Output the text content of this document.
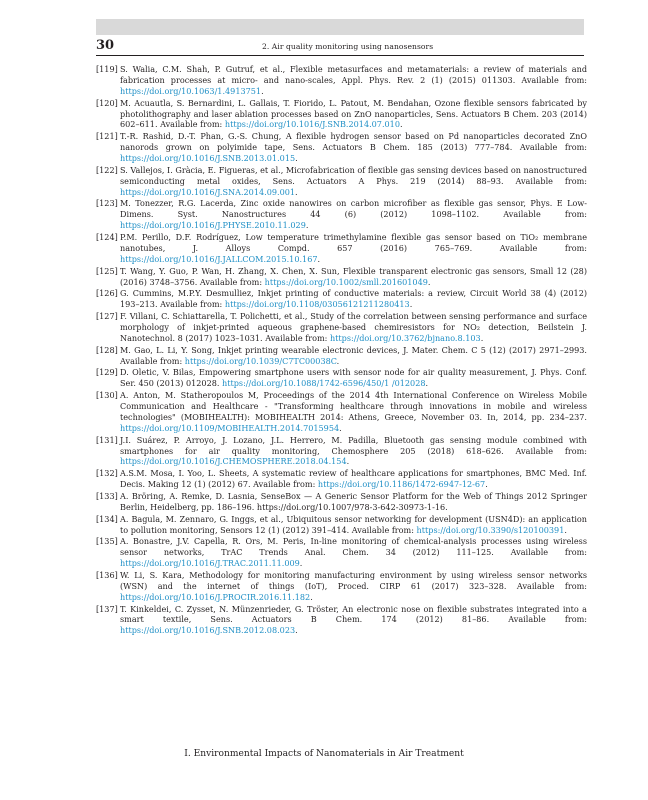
30	2. Air quality monitoring using nanosensors
[119] S. Walia, C.M. Shah, P. Gutruf, et al., Flexible metasurfaces and metamaterials: a review of materials and fabrication processes at micro- and nano-scales, Appl. Phys. Rev. 2 (1) (2015) 011303. Available from: https://doi.org/10.1063/1.4913751.
[120] M. Acuautla, S. Bernardini, L. Gallais, T. Fiorido, L. Patout, M. Bendahan, Ozone flexible sensors fabricated by photolithography and laser ablation processes based on ZnO nanoparticles, Sens. Actuators B Chem. 203 (2014) 602–611. Available from: https://doi.org/10.1016/J.SNB.2014.07.010.
[121] T.-R. Rashid, D.-T. Phan, G.-S. Chung, A flexible hydrogen sensor based on Pd nanoparticles decorated ZnO nanorods grown on polyimide tape, Sens. Actuators B Chem. 185 (2013) 777–784. Available from: https://doi.org/10.1016/J.SNB.2013.01.015.
[122] S. Vallejos, I. Gràcia, E. Figueras, et al., Microfabrication of flexible gas sensing devices based on nanostructured semiconducting metal oxides, Sens. Actuators A Phys. 219 (2014) 88–93. Available from: https://doi.org/10.1016/J.SNA.2014.09.001.
[123] M. Tonezzer, R.G. Lacerda, Zinc oxide nanowires on carbon microfiber as flexible gas sensor, Phys. E Low-Dimens. Syst. Nanostructures 44 (6) (2012) 1098–1102. Available from: https://doi.org/10.1016/J.PHYSE.2010.11.029.
[124] P.M. Perillo, D.F. Rodríguez, Low temperature trimethylamine flexible gas sensor based on TiO₂ membrane nanotubes, J. Alloys Compd. 657 (2016) 765–769. Available from: https://doi.org/10.1016/J.JALLCOM.2015.10.167.
[125] T. Wang, Y. Guo, P. Wan, H. Zhang, X. Chen, X. Sun, Flexible transparent electronic gas sensors, Small 12 (28) (2016) 3748–3756. Available from: https://doi.org/10.1002/smll.201601049.
[126] G. Cummins, M.P.Y. Desmulliez, Inkjet printing of conductive materials: a review, Circuit World 38 (4) (2012) 193–213. Available from: https://doi.org/10.1108/03056121211280413.
[127] F. Villani, C. Schiattarella, T. Polichetti, et al., Study of the correlation between sensing performance and surface morphology of inkjet-printed aqueous graphene-based chemiresistors for NO₂ detection, Beilstein J. Nanotechnol. 8 (2017) 1023–1031. Available from: https://doi.org/10.3762/bjnano.8.103.
[128] M. Gao, L. Li, Y. Song, Inkjet printing wearable electronic devices, J. Mater. Chem. C 5 (12) (2017) 2971–2993. Available from: https://doi.org/10.1039/C7TC00038C.
[129] D. Oletic, V. Bilas, Empowering smartphone users with sensor node for air quality measurement, J. Phys. Conf. Ser. 450 (2013) 012028. https://doi.org/10.1088/1742-6596/450/1 /012028.
[130] A. Anton, M. Statheropoulos M, Proceedings of the 2014 4th International Conference on Wireless Mobile Communication and Healthcare - "Transforming healthcare through innovations in mobile and wireless technologies" (MOBIHEALTH): MOBIHEALTH 2014: Athens, Greece, November 03. In, 2014, pp. 234–237. https://doi.org/10.1109/MOBIHEALTH.2014.7015954.
[131] J.I. Suárez, P. Arroyo, J. Lozano, J.L. Herrero, M. Padilla, Bluetooth gas sensing module combined with smartphones for air quality monitoring, Chemosphere 205 (2018) 618–626. Available from: https://doi.org/10.1016/J.CHEMOSPHERE.2018.04.154.
[132] A.S.M. Mosa, I. Yoo, L. Sheets, A systematic review of healthcare applications for smartphones, BMC Med. Inf. Decis. Making 12 (1) (2012) 67. Available from: https://doi.org/10.1186/1472-6947-12-67.
[133] A. Bröring, A. Remke, D. Lasnia, SenseBox — A Generic Sensor Platform for the Web of Things 2012 Springer Berlin, Heidelberg, pp. 186–196. https://doi.org/10.1007/978-3-642-30973-1-16.
[134] A. Bagula, M. Zennaro, G. Inggs, et al., Ubiquitous sensor networking for development (USN4D): an application to pollution monitoring, Sensors 12 (1) (2012) 391–414. Available from: https://doi.org/10.3390/s120100391.
[135] A. Bonastre, J.V. Capella, R. Ors, M. Peris, In-line monitoring of chemical-analysis processes using wireless sensor networks, TrAC Trends Anal. Chem. 34 (2012) 111–125. Available from: https://doi.org/10.1016/J.TRAC.2011.11.009.
[136] W. Li, S. Kara, Methodology for monitoring manufacturing environment by using wireless sensor networks (WSN) and the internet of things (IoT), Proced. CIRP 61 (2017) 323–328. Available from: https://doi.org/10.1016/J.PROCIR.2016.11.182.
[137] T. Kinkeldei, C. Zysset, N. Münzenrieder, G. Tröster, An electronic nose on flexible substrates integrated into a smart textile, Sens. Actuators B Chem. 174 (2012) 81–86. Available from: https://doi.org/10.1016/J.SNB.2012.08.023.
I. Environmental Impacts of Nanomaterials in Air Treatment
